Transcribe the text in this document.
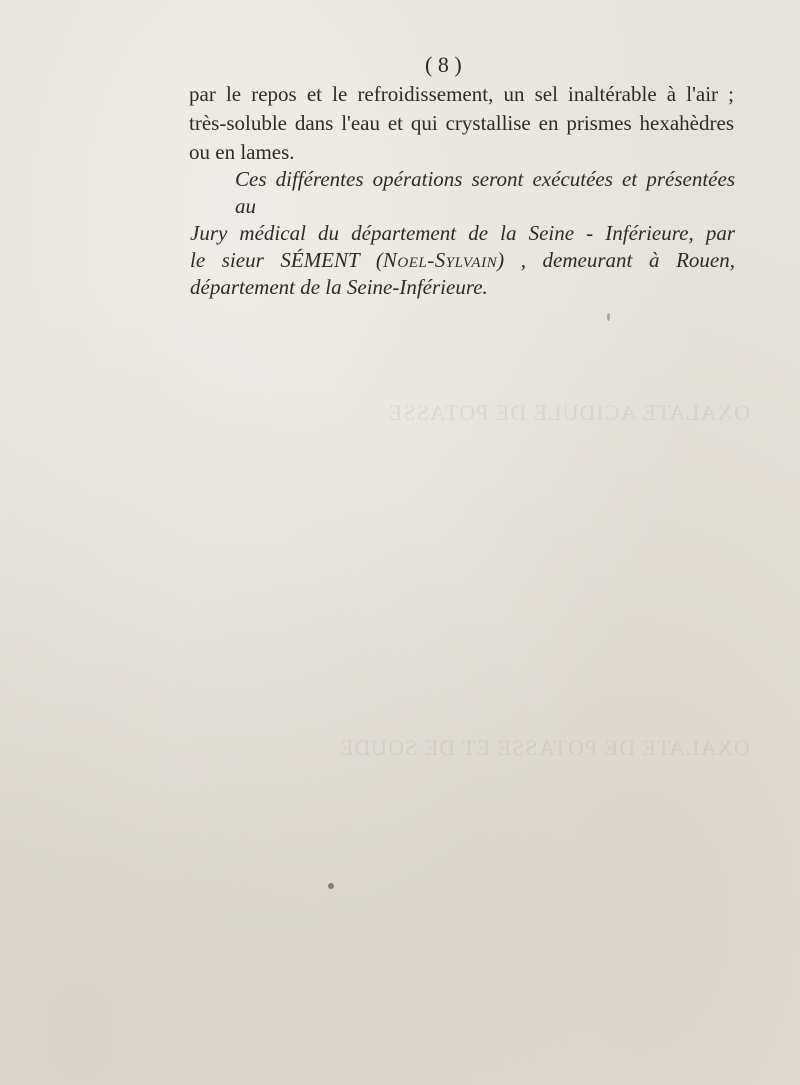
OXALATE ACIDULE DE POTASSE
OXALATE DE POTASSE ET DE SOUDE
( 8 )
par le repos et le refroidissement, un sel inaltérable à l'air ;
très-soluble dans l'eau et qui crystallise en prismes hexahèdres
ou en lames.
Ces différentes opérations seront exécutées et présentées au
Jury médical du département de la Seine - Inférieure, par
le sieur SÉMENT (Noel-Sylvain) , demeurant à Rouen,
département de la Seine-Inférieure.
